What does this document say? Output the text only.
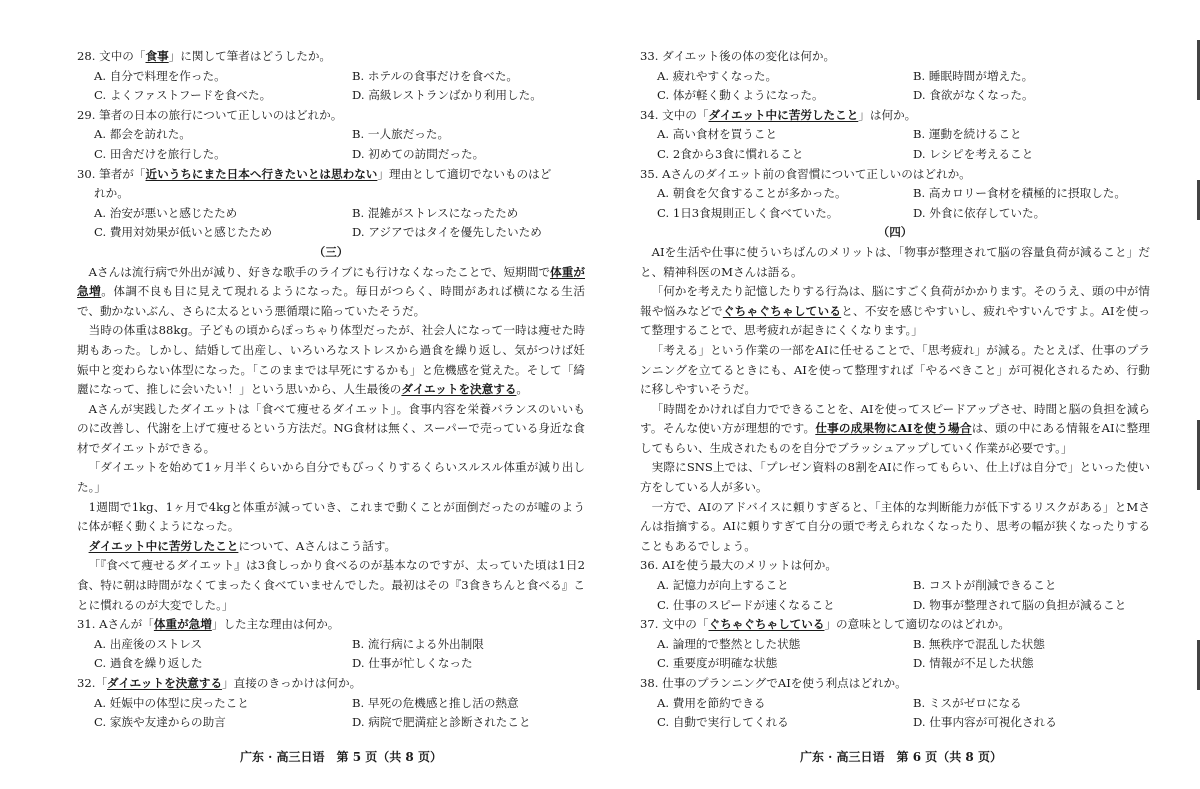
28. 文中の「食事」に関して筆者はどうしたか。

A. 自分で料理を作った。	B. ホテルの食事だけを食べた。
C. よくファストフードを食べた。	D. 高級レストランばかり利用した。

29. 筆者の日本の旅行について正しいのはどれか。

A. 都会を訪れた。	B. 一人旅だった。
C. 田舎だけを旅行した。	D. 初めての訪問だった。

30. 筆者が「近いうちにまた日本へ行きたいとは思わない」理由として適切でないものはど

れか。

A. 治安が悪いと感じたため	B. 混雑がストレスになったため
C. 費用対効果が低いと感じたため	D. アジアではタイを優先したいため

（三）

Aさんは流行病で外出が減り、好きな歌手のライブにも行けなくなったことで、短期間で体重が急増。体調不良も目に見えて現れるようになった。毎日がつらく、時間があれば横になる生活で、動かないぶん、さらに太るという悪循環に陥っていたそうだ。

当時の体重は88kg。子どもの頃からぽっちゃり体型だったが、社会人になって一時は痩せた時期もあった。しかし、結婚して出産し、いろいろなストレスから過食を繰り返し、気がつけば妊娠中と変わらない体型になった。「このままでは早死にするかも」と危機感を覚えた。そして「綺麗になって、推しに会いたい！」という思いから、人生最後のダイエットを決意する。

Aさんが実践したダイエットは「食べて痩せるダイエット」。食事内容を栄養バランスのいいものに改善し、代謝を上げて痩せるという方法だ。NG食材は無く、スーパーで売っている身近な食材でダイエットができる。

「ダイエットを始めて1ヶ月半くらいから自分でもびっくりするくらいスルスル体重が減り出した。」

1週間で1kg、1ヶ月で4kgと体重が減っていき、これまで動くことが面倒だったのが嘘のように体が軽く動くようになった。

ダイエット中に苦労したことについて、Aさんはこう話す。

「『食べて痩せるダイエット』は3食しっかり食べるのが基本なのですが、太っていた頃は1日2食、特に朝は時間がなくてまったく食べていませんでした。最初はその『3食きちんと食べる』ことに慣れるのが大変でした。」

31. Aさんが「体重が急増」した主な理由は何か。

A. 出産後のストレス	B. 流行病による外出制限
C. 過食を繰り返した	D. 仕事が忙しくなった

32.「ダイエットを決意する」直接のきっかけは何か。

A. 妊娠中の体型に戻ったこと	B. 早死の危機感と推し活の熱意
C. 家族や友達からの助言	D. 病院で肥満症と診断されたこと

33. ダイエット後の体の変化は何か。

A. 疲れやすくなった。	B. 睡眠時間が増えた。
C. 体が軽く動くようになった。	D. 食欲がなくなった。

34. 文中の「ダイエット中に苦労したこと」は何か。

A. 高い食材を買うこと	B. 運動を続けること
C. 2食から3食に慣れること	D. レシピを考えること

35. Aさんのダイエット前の食習慣について正しいのはどれか。

A. 朝食を欠食することが多かった。	B. 高カロリー食材を積極的に摂取した。
C. 1日3食規則正しく食べていた。	D. 外食に依存していた。

（四）

AIを生活や仕事に使ういちばんのメリットは、「物事が整理されて脳の容量負荷が減ること」だと、精神科医のMさんは語る。

「何かを考えたり記憶したりする行為は、脳にすごく負荷がかかります。そのうえ、頭の中が情報や悩みなどでぐちゃぐちゃしていると、不安を感じやすいし、疲れやすいんですよ。AIを使って整理することで、思考疲れが起きにくくなります。」

「考える」という作業の一部をAIに任せることで、「思考疲れ」が減る。たとえば、仕事のプランニングを立てるときにも、AIを使って整理すれば「やるべきこと」が可視化されるため、行動に移しやすいそうだ。

「時間をかければ自力でできることを、AIを使ってスピードアップさせ、時間と脳の負担を減らす。そんな使い方が理想的です。仕事の成果物にAIを使う場合は、頭の中にある情報をAIに整理してもらい、生成されたものを自分でブラッシュアップしていく作業が必要です。」

実際にSNS上では、「プレゼン資料の8割をAIに作ってもらい、仕上げは自分で」といった使い方をしている人が多い。

一方で、AIのアドバイスに頼りすぎると、「主体的な判断能力が低下するリスクがある」とMさんは指摘する。AIに頼りすぎて自分の頭で考えられなくなったり、思考の幅が狭くなったりすることもあるでしょう。

36. AIを使う最大のメリットは何か。

A. 記憶力が向上すること	B. コストが削減できること
C. 仕事のスピードが速くなること	D. 物事が整理されて脳の負担が減ること

37. 文中の「ぐちゃぐちゃしている」の意味として適切なのはどれか。

A. 論理的で整然とした状態	B. 無秩序で混乱した状態
C. 重要度が明確な状態	D. 情報が不足した状態

38. 仕事のプランニングでAIを使う利点はどれか。

A. 費用を節約できる	B. ミスがゼロになる
C. 自動で実行してくれる	D. 仕事内容が可視化される
广东 · 高三日语　第 5 页（共 8 页）	广东 · 高三日语　第 6 页（共 8 页）
